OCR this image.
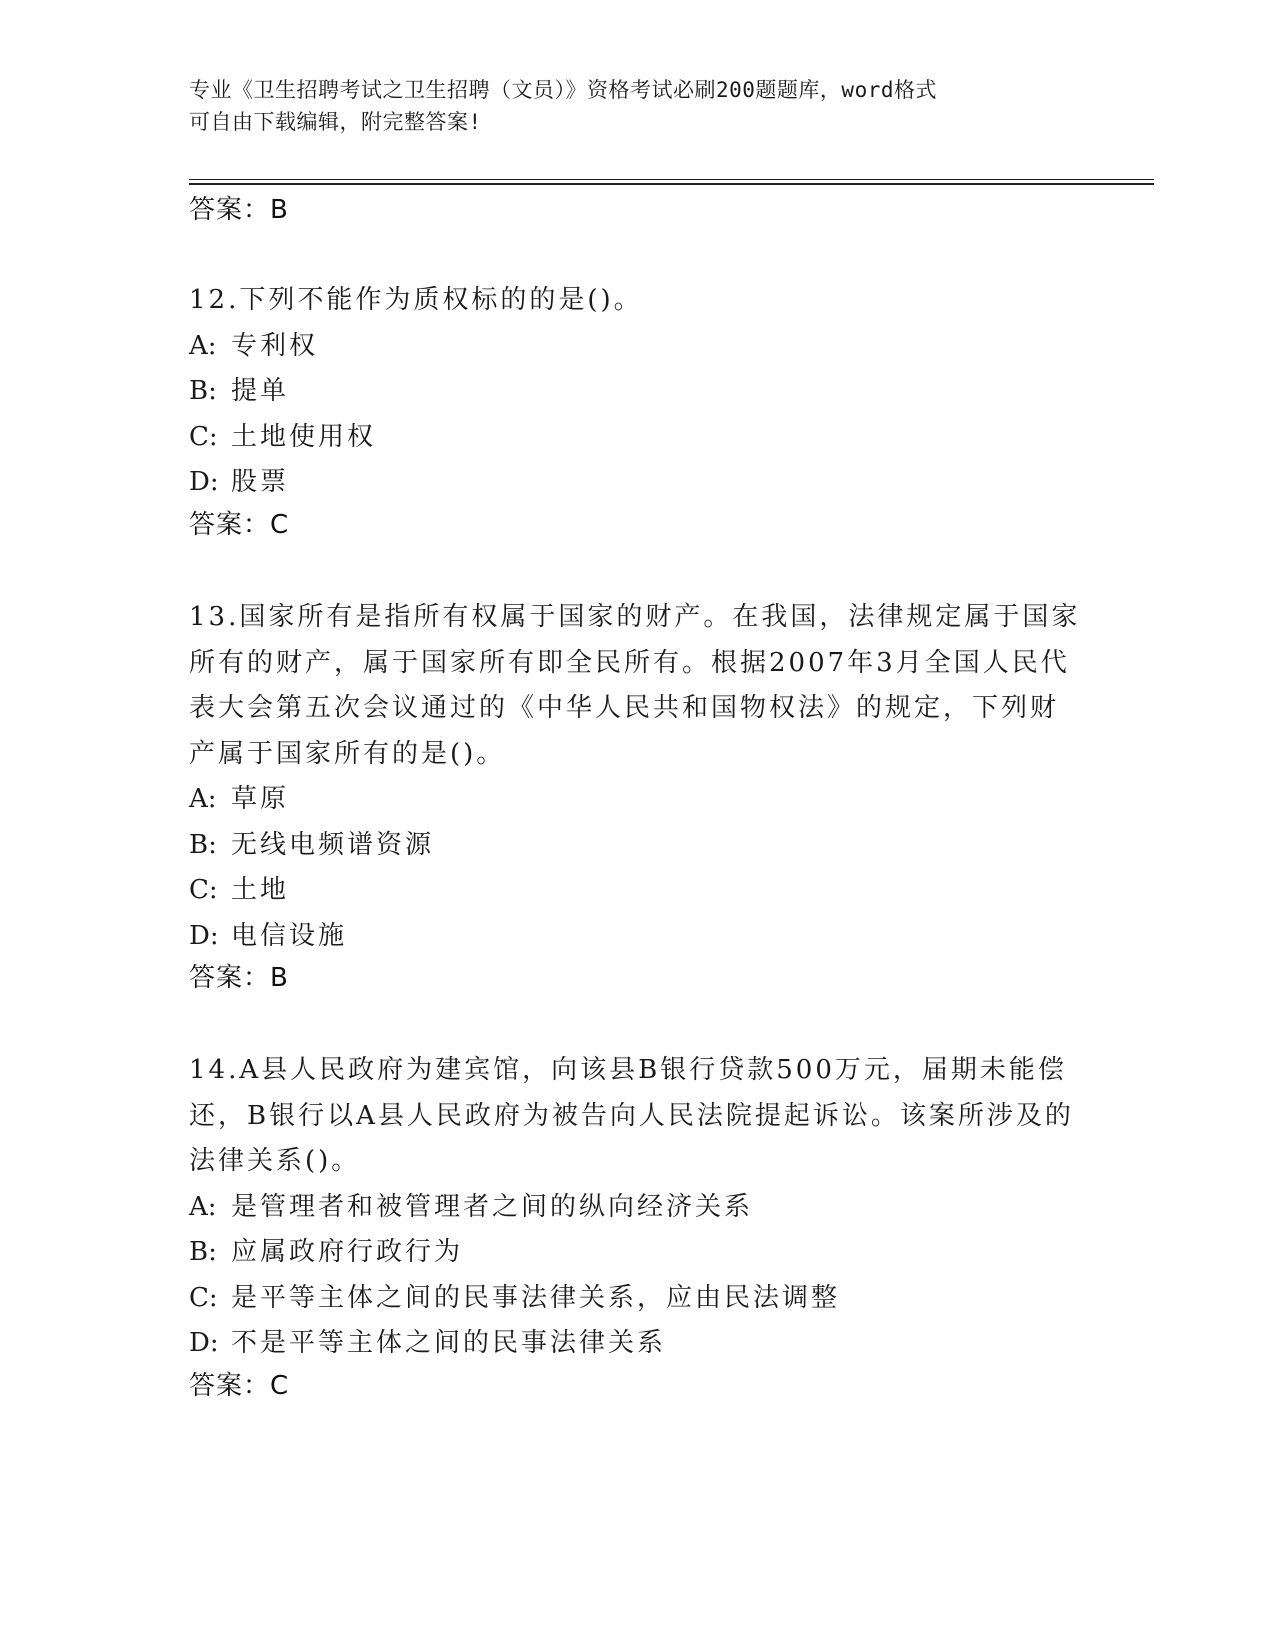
专业《卫生招聘考试之卫生招聘（文员）》资格考试必刷200题题库，word格式
可自由下载编辑，附完整答案!
答案：B

12.下列不能作为质权标的的是()。

A: 专利权

B: 提单

C: 土地使用权

D: 股票

答案：C

13.国家所有是指所有权属于国家的财产。在我国，法律规定属于国家

所有的财产，属于国家所有即全民所有。根据2007年3月全国人民代

表大会第五次会议通过的《中华人民共和国物权法》的规定，下列财

产属于国家所有的是()。

A: 草原

B: 无线电频谱资源

C: 土地

D: 电信设施

答案：B

14.A县人民政府为建宾馆，向该县B银行贷款500万元，届期未能偿

还，B银行以A县人民政府为被告向人民法院提起诉讼。该案所涉及的

法律关系()。

A: 是管理者和被管理者之间的纵向经济关系

B: 应属政府行政行为

C: 是平等主体之间的民事法律关系，应由民法调整

D: 不是平等主体之间的民事法律关系

答案：C
